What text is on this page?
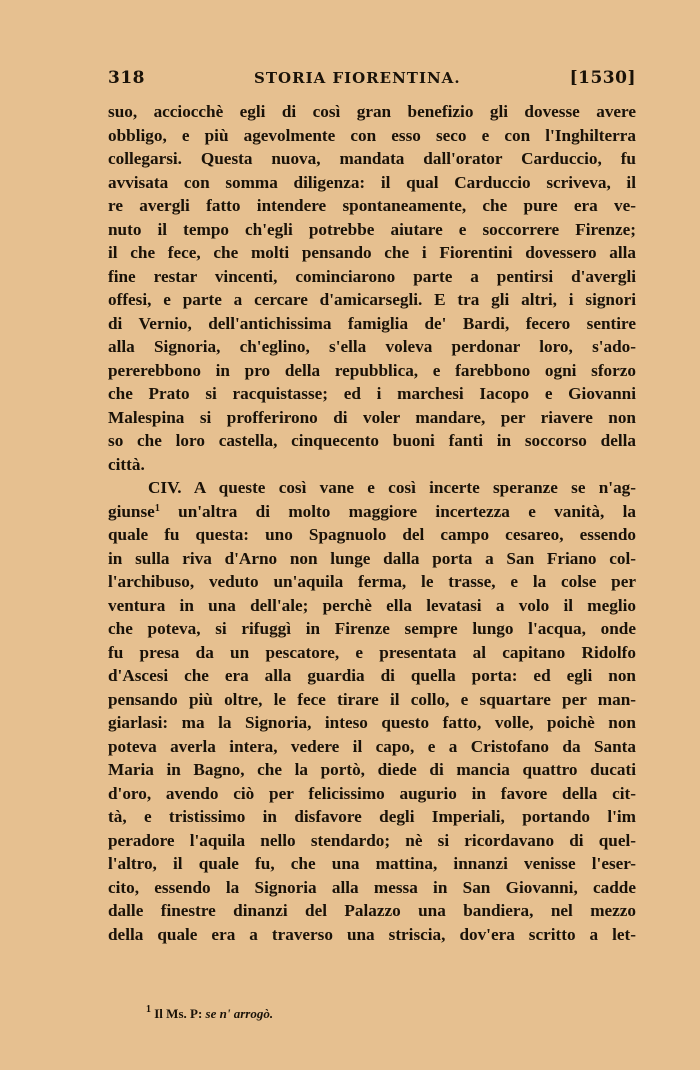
318	STORIA FIORENTINA.	[1530]
suo, acciocchè egli di così gran benefizio gli dovesse avere
obbligo, e più agevolmente con esso seco e con l'Inghilterra
collegarsi. Questa nuova, mandata dall'orator Carduccio, fu
avvisata con somma diligenza: il qual Carduccio scriveva, il
re avergli fatto intendere spontaneamente, che pure era ve-
nuto il tempo ch'egli potrebbe aiutare e soccorrere Firenze;
il che fece, che molti pensando che i Fiorentini dovessero alla
fine restar vincenti, cominciarono parte a pentirsi d'avergli
offesi, e parte a cercare d'amicarsegli. E tra gli altri, i signori
di Vernio, dell'antichissima famiglia de' Bardi, fecero sentire
alla Signoria, ch'eglino, s'ella voleva perdonar loro, s'ado-
pererebbono in pro della repubblica, e farebbono ogni sforzo
che Prato si racquistasse; ed i marchesi Iacopo e Giovanni
Malespina si profferirono di voler mandare, per riavere non
so che loro castella, cinquecento buoni fanti in soccorso della
città.
CIV. A queste così vane e così incerte speranze se n'ag-
giunse$^1$ un'altra di molto maggiore incertezza e vanità, la
quale fu questa: uno Spagnuolo del campo cesareo, essendo
in sulla riva d'Arno non lunge dalla porta a San Friano col-
l'archibuso, veduto un'aquila ferma, le trasse, e la colse per
ventura in una dell'ale; perchè ella levatasi a volo il meglio
che poteva, si rifuggì in Firenze sempre lungo l'acqua, onde
fu presa da un pescatore, e presentata al capitano Ridolfo
d'Ascesi che era alla guardia di quella porta: ed egli non
pensando più oltre, le fece tirare il collo, e squartare per man-
giarlasi: ma la Signoria, inteso questo fatto, volle, poichè non
poteva averla intera, vedere il capo, e a Cristofano da Santa
Maria in Bagno, che la portò, diede di mancia quattro ducati
d'oro, avendo ciò per felicissimo augurio in favore della cit-
tà, e tristissimo in disfavore degli Imperiali, portando l'im
peradore l'aquila nello stendardo; nè si ricordavano di quel-
l'altro, il quale fu, che una mattina, innanzi venisse l'eser-
cito, essendo la Signoria alla messa in San Giovanni, cadde
dalle finestre dinanzi del Palazzo una bandiera, nel mezzo
della quale era a traverso una striscia, dov'era scritto a let-
$^1$ Il Ms. P: se n' arrogò.
